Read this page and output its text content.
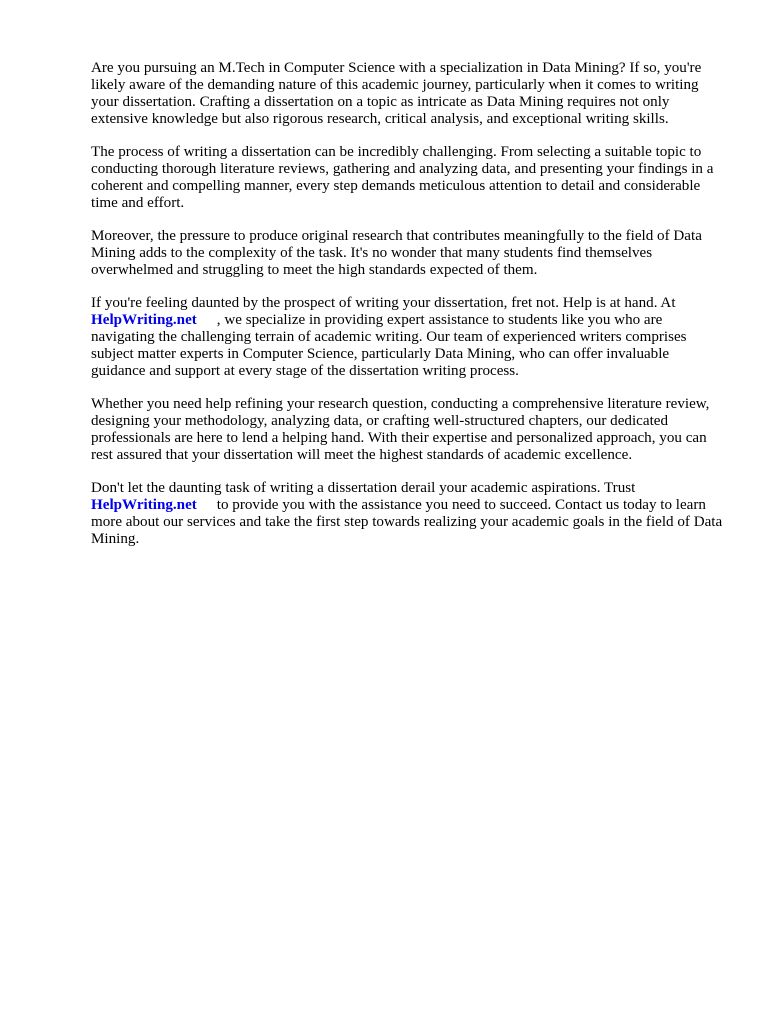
Are you pursuing an M.Tech in Computer Science with a specialization in Data Mining? If so, you're likely aware of the demanding nature of this academic journey, particularly when it comes to writing your dissertation. Crafting a dissertation on a topic as intricate as Data Mining requires not only extensive knowledge but also rigorous research, critical analysis, and exceptional writing skills.

The process of writing a dissertation can be incredibly challenging. From selecting a suitable topic to conducting thorough literature reviews, gathering and analyzing data, and presenting your findings in a coherent and compelling manner, every step demands meticulous attention to detail and considerable time and effort.

Moreover, the pressure to produce original research that contributes meaningfully to the field of Data Mining adds to the complexity of the task. It's no wonder that many students find themselves overwhelmed and struggling to meet the high standards expected of them.

If you're feeling daunted by the prospect of writing your dissertation, fret not. Help is at hand. At
HelpWriting.net , we specialize in providing expert assistance to students like you who are navigating the challenging terrain of academic writing. Our team of experienced writers comprises subject matter experts in Computer Science, particularly Data Mining, who can offer invaluable guidance and support at every stage of the dissertation writing process.

Whether you need help refining your research question, conducting a comprehensive literature review, designing your methodology, analyzing data, or crafting well-structured chapters, our dedicated professionals are here to lend a helping hand. With their expertise and personalized approach, you can rest assured that your dissertation will meet the highest standards of academic excellence.

Don't let the daunting task of writing a dissertation derail your academic aspirations. Trust
HelpWriting.net to provide you with the assistance you need to succeed. Contact us today to learn more about our services and take the first step towards realizing your academic goals in the field of Data Mining.
